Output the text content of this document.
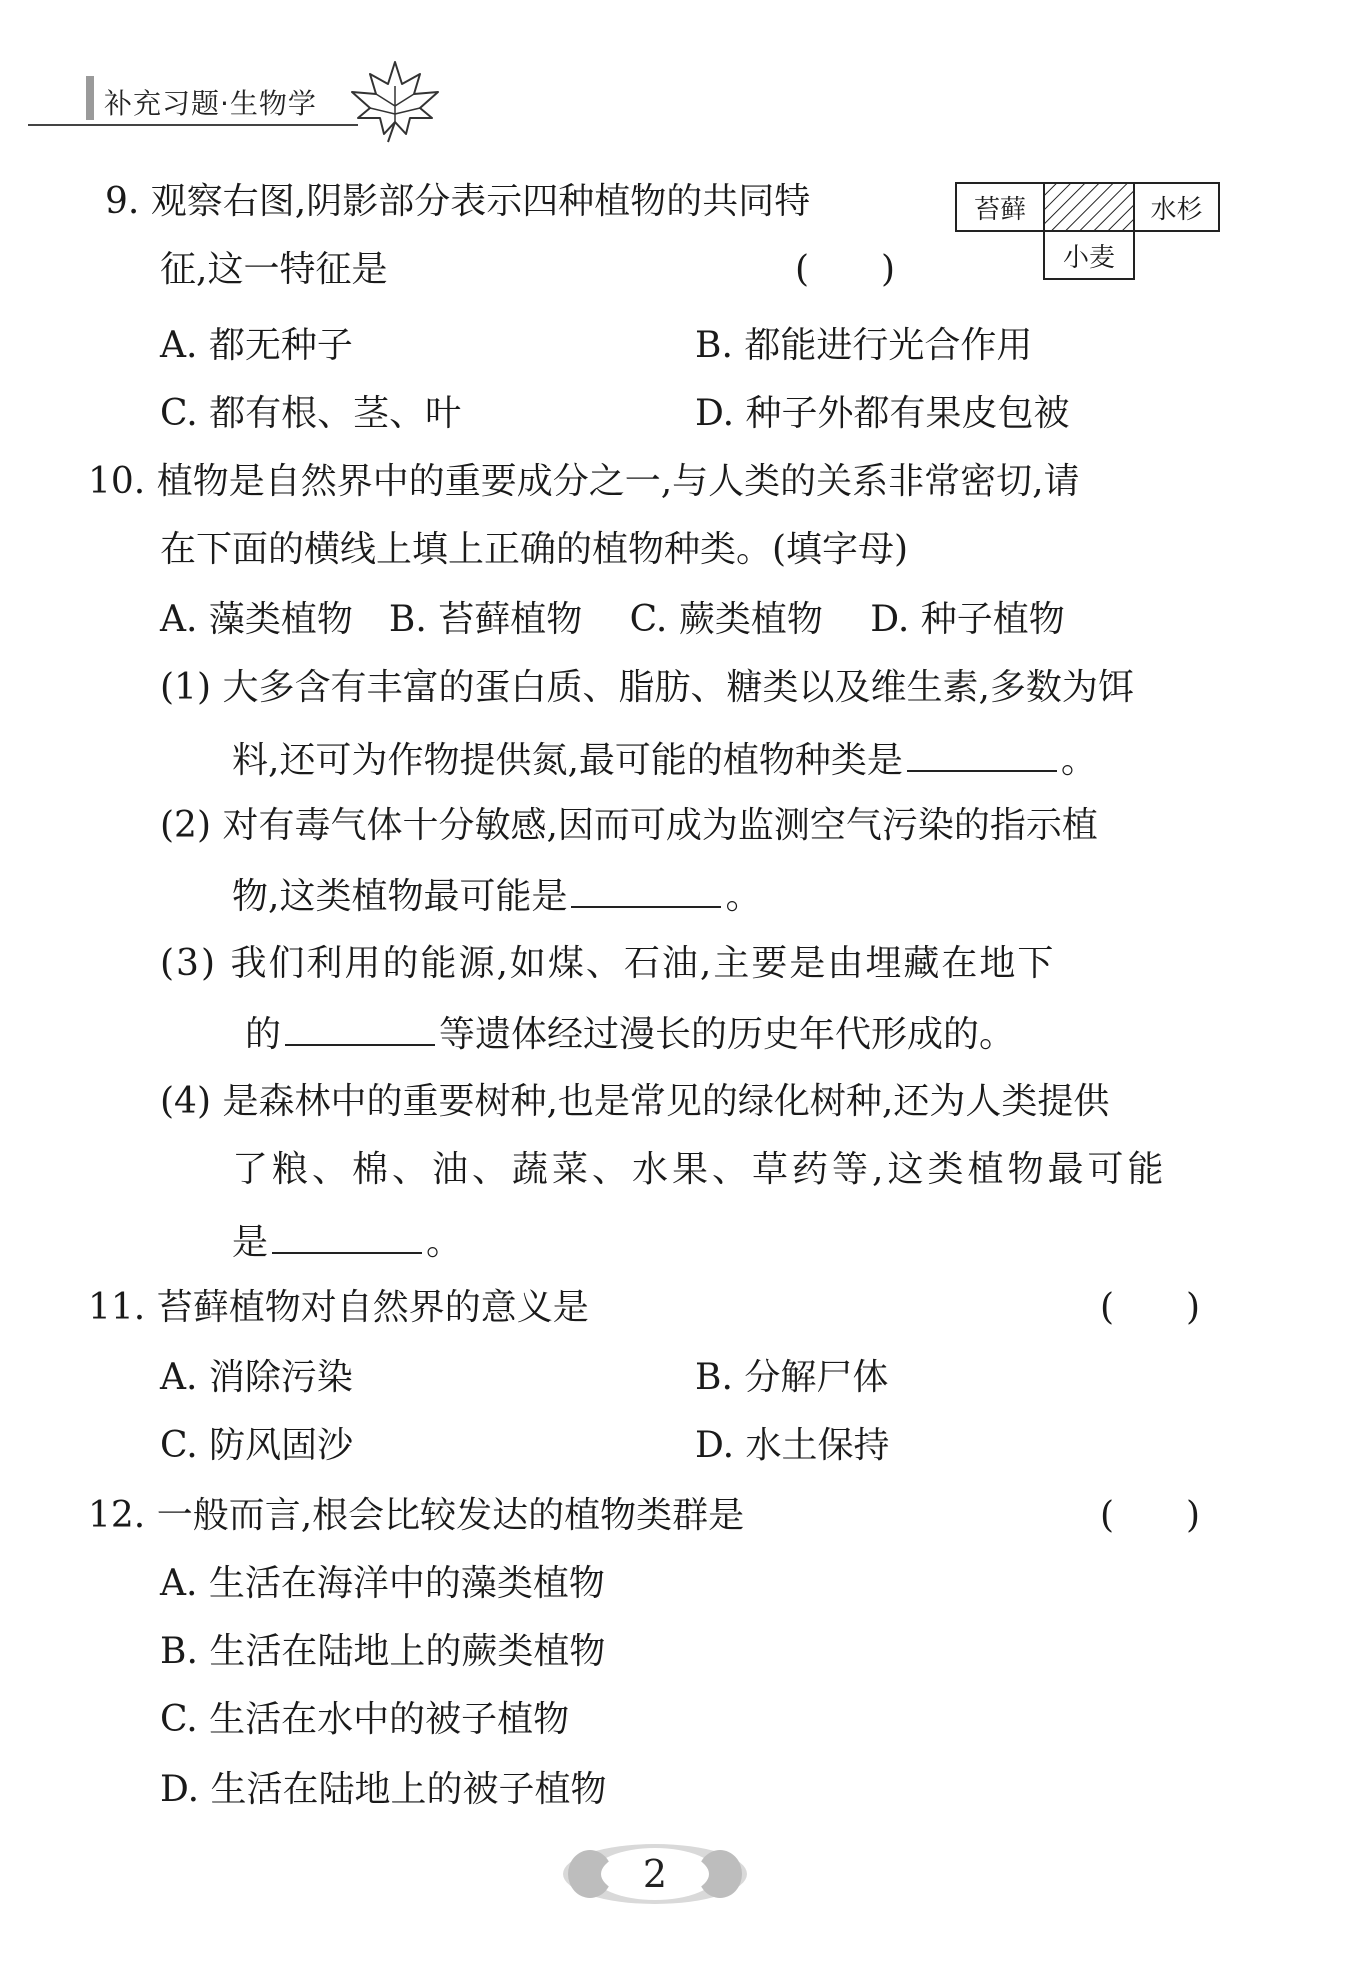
补充习题·生物学
9. 观察右图,阴影部分表示四种植物的共同特
征,这一特征是	(　　)
苔藓	水杉
小麦
A. 都无种子	B. 都能进行光合作用
C. 都有根、茎、叶	D. 种子外都有果皮包被
10. 植物是自然界中的重要成分之一,与人类的关系非常密切,请
在下面的横线上填上正确的植物种类。(填字母)
A. 藻类植物　B. 苔藓植物　 C. 蕨类植物　 D. 种子植物
(1) 大多含有丰富的蛋白质、脂肪、糖类以及维生素,多数为饵
料,还可为作物提供氮,最可能的植物种类是	。
(2) 对有毒气体十分敏感,因而可成为监测空气污染的指示植
物,这类植物最可能是	。
(3) 我们利用的能源,如煤、石油,主要是由埋藏在地下
的	等遗体经过漫长的历史年代形成的。
(4) 是森林中的重要树种,也是常见的绿化树种,还为人类提供
了粮、棉、油、蔬菜、水果、草药等,这类植物最可能
是	。
11. 苔藓植物对自然界的意义是	(　　)
A. 消除污染	B. 分解尸体
C. 防风固沙	D. 水土保持
12. 一般而言,根会比较发达的植物类群是	(　　)
A. 生活在海洋中的藻类植物
B. 生活在陆地上的蕨类植物
C. 生活在水中的被子植物
D. 生活在陆地上的被子植物
2
